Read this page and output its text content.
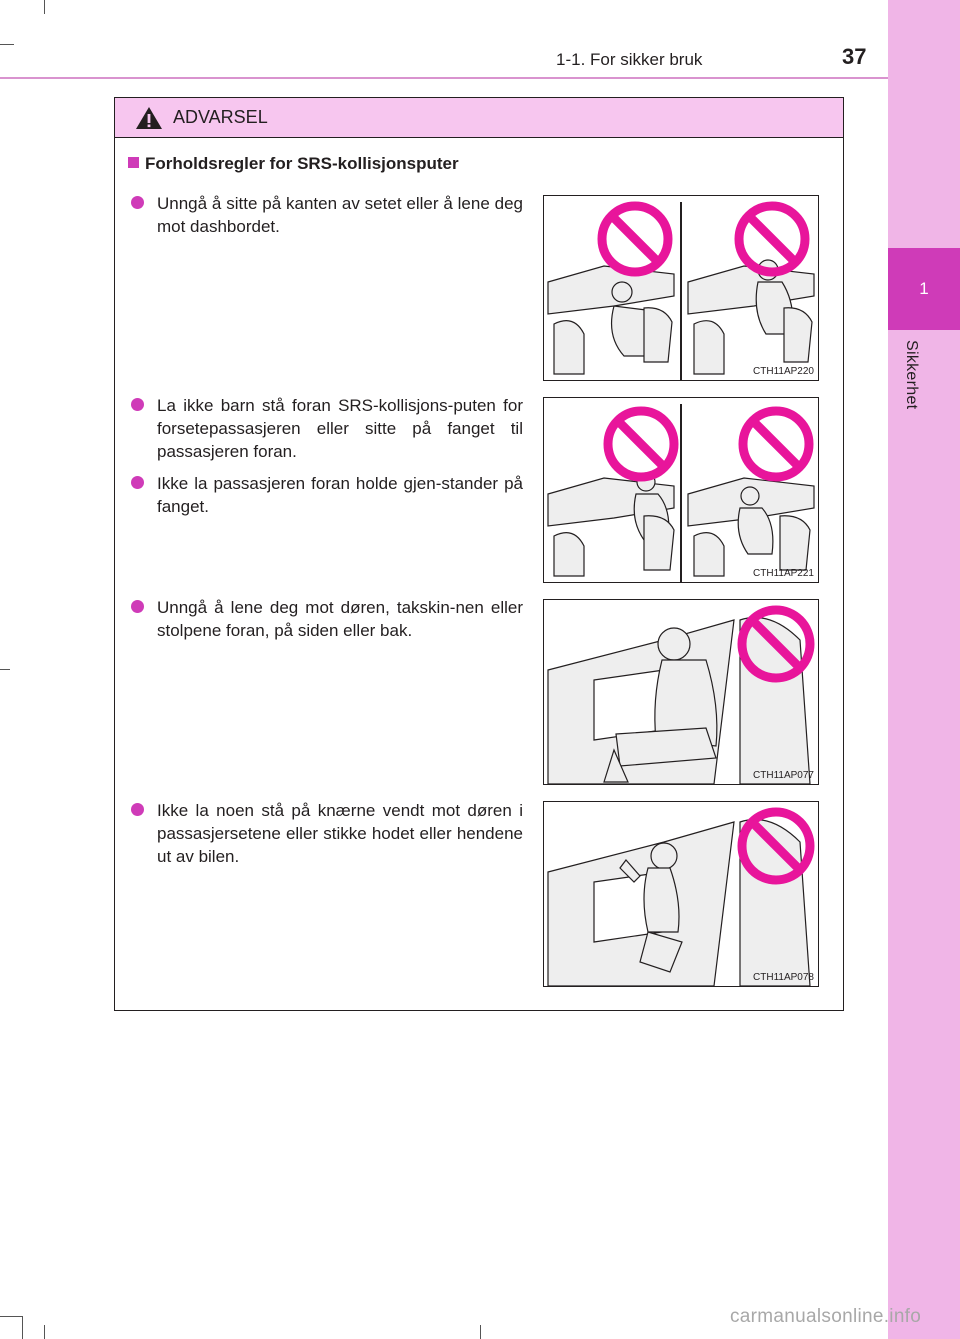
1-1. For sikker bruk	37
1
Sikkerhet
ADVARSEL
Forholdsregler for SRS-kollisjonsputer
Unngå å sitte på kanten av setet eller å lene deg mot dashbordet.
La ikke barn stå foran SRS-kollisjons-puten for forsetepassasjeren eller sitte på fanget til passasjeren foran.
Ikke la passasjeren foran holde gjen-stander på fanget.
Unngå å lene deg mot døren, takskin-nen eller stolpene foran, på siden eller bak.
Ikke la noen stå på knærne vendt mot døren i passasjersetene eller stikke hodet eller hendene ut av bilen.
CTH11AP220
CTH11AP221
CTH11AP077
CTH11AP078
carmanualsonline.info
